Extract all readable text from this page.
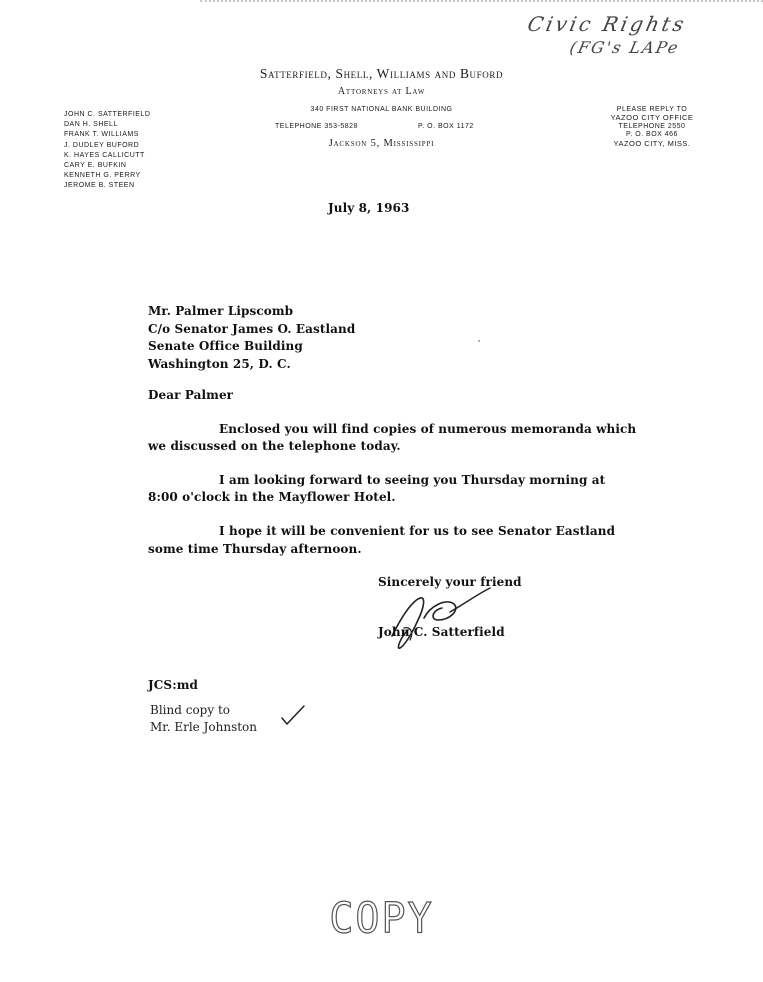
Civic Rights
(FG's LAPe
Satterfield, Shell, Williams and Buford
Attorneys at Law
340 FIRST NATIONAL BANK BUILDING
TELEPHONE 353-5828	P. O. BOX 1172
Jackson 5, Mississippi
JOHN C. SATTERFIELD
DAN H. SHELL
FRANK T. WILLIAMS
J. DUDLEY BUFORD
K. HAYES CALLICUTT
CARY E. BUFKIN
KENNETH G. PERRY
JEROME B. STEEN
PLEASE REPLY TO
YAZOO CITY OFFICE
TELEPHONE 2550
P. O. BOX 466
YAZOO CITY, MISS.
July 8, 1963
Mr. Palmer Lipscomb
C/o Senator James O. Eastland
Senate Office Building
Washington 25, D. C.
Dear Palmer
Enclosed you will find copies of numerous memoranda which
we discussed on the telephone today.
I am looking forward to seeing you Thursday morning at
8:00 o'clock in the Mayflower Hotel.
I hope it will be convenient for us to see Senator Eastland
some time Thursday afternoon.
Sincerely your friend
John C. Satterfield
JCS:md
Blind copy to
Mr. Erle Johnston
COPY
